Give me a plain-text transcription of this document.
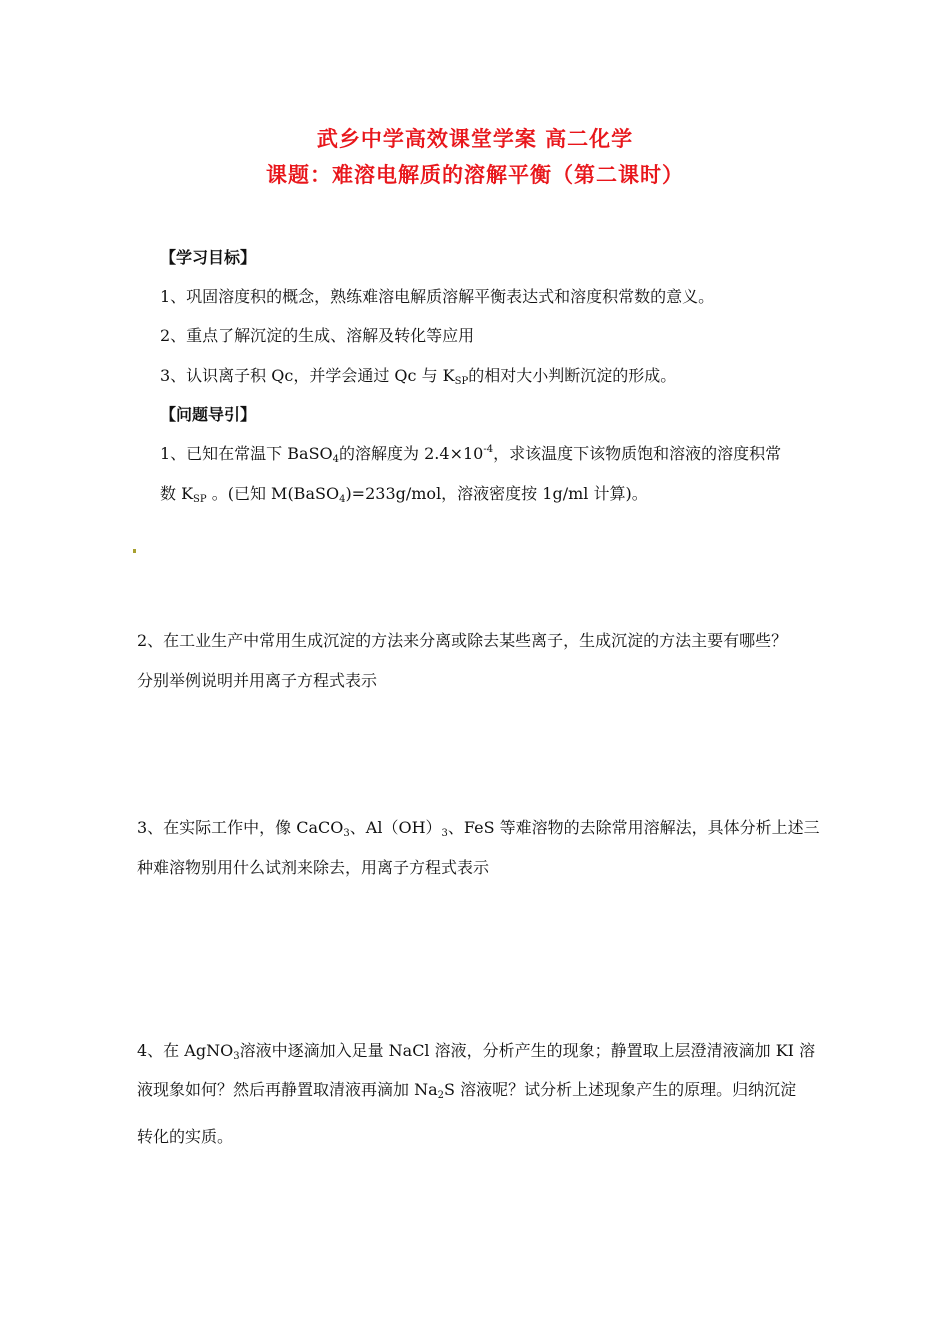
武乡中学高效课堂学案 高二化学
课题：难溶电解质的溶解平衡（第二课时）
【学习目标】
1、巩固溶度积的概念，熟练难溶电解质溶解平衡表达式和溶度积常数的意义。
2、重点了解沉淀的生成、溶解及转化等应用
3、认识离子积 Qc，并学会通过 Qc 与 $K_{SP}$的相对大小判断沉淀的形成。
【问题导引】
1、已知在常温下 BaSO$_4$的溶解度为 $2.4\times 10^{-4}$，求该温度下该物质饱和溶液的溶度积常
数 $K_{SP}$ 。(已知 M(BaSO$_4$)=233g/mol，溶液密度按 1g/ml 计算)。
2、在工业生产中常用生成沉淀的方法来分离或除去某些离子，生成沉淀的方法主要有哪些？
分别举例说明并用离子方程式表示
3、在实际工作中，像 CaCO$_3$、$Al(OH)_3$、FeS 等难溶物的去除常用溶解法，具体分析上述三
种难溶物别用什么试剂来除去，用离子方程式表示
4、在 AgNO$_3$溶液中逐滴加入足量 NaCl 溶液，分析产生的现象；静置取上层澄清液滴加 KI 溶
液现象如何？然后再静置取清液再滴加 $Na_2S$ 溶液呢？试分析上述现象产生的原理。归纳沉淀
转化的实质。
